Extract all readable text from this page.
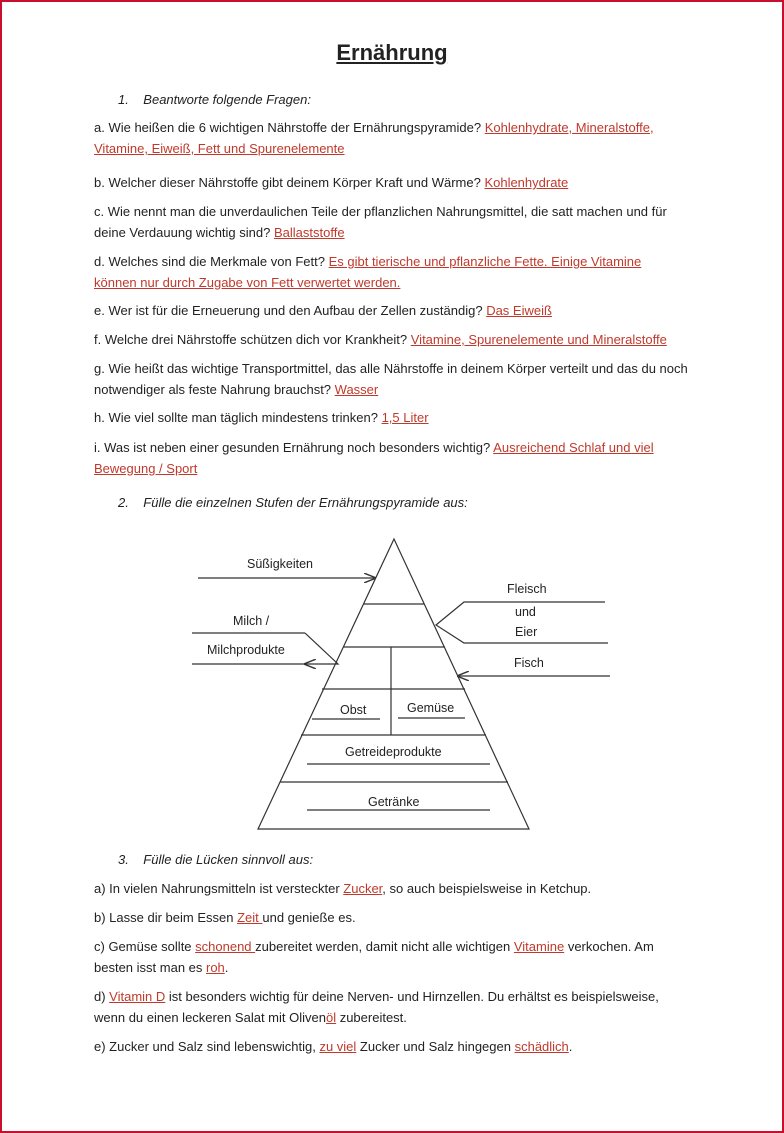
Ernährung
1. Beantworte folgende Fragen:
a. Wie heißen die 6 wichtigen Nährstoffe der Ernährungspyramide? Kohlenhydrate, Mineralstoffe, Vitamine, Eiweiß, Fett und Spurenelemente
b. Welcher dieser Nährstoffe gibt deinem Körper Kraft und Wärme? Kohlenhydrate
c. Wie nennt man die unverdaulichen Teile der pflanzlichen Nahrungsmittel, die satt machen und für deine Verdauung wichtig sind? Ballaststoffe
d. Welches sind die Merkmale von Fett? Es gibt tierische und pflanzliche Fette. Einige Vitamine können nur durch Zugabe von Fett verwertet werden.
e. Wer ist für die Erneuerung und den Aufbau der Zellen zuständig? Das Eiweiß
f. Welche drei Nährstoffe schützen dich vor Krankheit? Vitamine, Spurenelemente und Mineralstoffe
g. Wie heißt das wichtige Transportmittel, das alle Nährstoffe in deinem Körper verteilt und das du noch notwendiger als feste Nahrung brauchst? Wasser
h. Wie viel sollte man täglich mindestens trinken? 1,5 Liter
i. Was ist neben einer gesunden Ernährung noch besonders wichtig? Ausreichend Schlaf und viel Bewegung / Sport
2. Fülle die einzelnen Stufen der Ernährungspyramide aus:
Süßigkeiten
Milch /
Milchprodukte
Fleisch
und
Eier
Fisch
Obst	Gemüse
Getreideprodukte
Getränke
3. Fülle die Lücken sinnvoll aus:
a) In vielen Nahrungsmitteln ist versteckter Zucker, so auch beispielsweise in Ketchup.
b) Lasse dir beim Essen Zeit und genieße es.
c) Gemüse sollte schonend zubereitet werden, damit nicht alle wichtigen Vitamine verkochen. Am besten isst man es roh.
d) Vitamin D ist besonders wichtig für deine Nerven- und Hirnzellen. Du erhältst es beispielsweise, wenn du einen leckeren Salat mit Olivenöl zubereitest.
e) Zucker und Salz sind lebenswichtig, zu viel Zucker und Salz hingegen schädlich.
